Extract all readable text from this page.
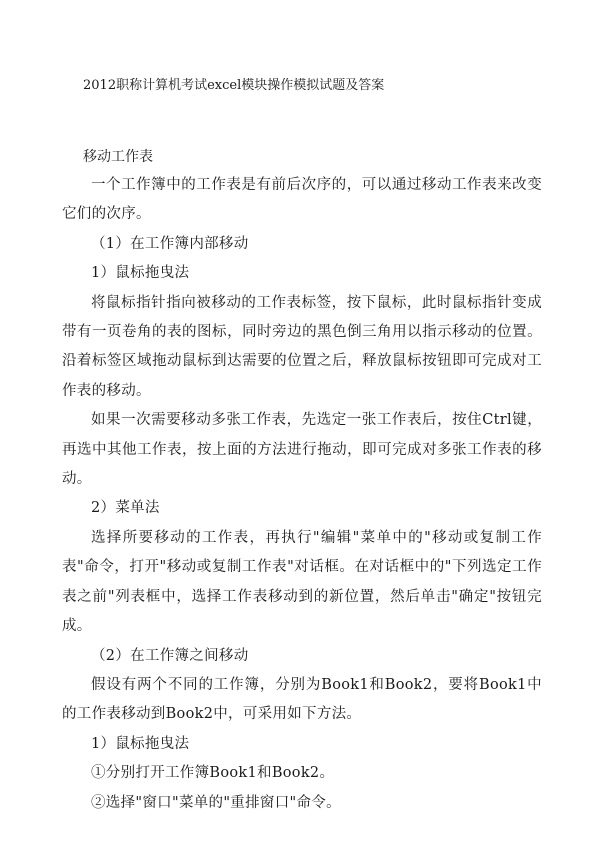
2012职称计算机考试excel模块操作模拟试题及答案
移动工作表

一个工作簿中的工作表是有前后次序的，可以通过移动工作表来改变它们的次序。

（1）在工作簿内部移动

1）鼠标拖曳法

将鼠标指针指向被移动的工作表标签，按下鼠标，此时鼠标指针变成带有一页卷角的表的图标，同时旁边的黑色倒三角用以指示移动的位置。沿着标签区域拖动鼠标到达需要的位置之后，释放鼠标按钮即可完成对工作表的移动。

如果一次需要移动多张工作表，先选定一张工作表后，按住Ctrl键，再选中其他工作表，按上面的方法进行拖动，即可完成对多张工作表的移动。

2）菜单法

选择所要移动的工作表，再执行"编辑"菜单中的"移动或复制工作表"命令，打开"移动或复制工作表"对话框。在对话框中的"下列选定工作表之前"列表框中，选择工作表移动到的新位置，然后单击"确定"按钮完成。

（2）在工作簿之间移动

假设有两个不同的工作簿，分别为Book1和Book2，要将Book1中的工作表移动到Book2中，可采用如下方法。

1）鼠标拖曳法

①分别打开工作簿Book1和Book2。

②选择"窗口"菜单的"重排窗口"命令。
